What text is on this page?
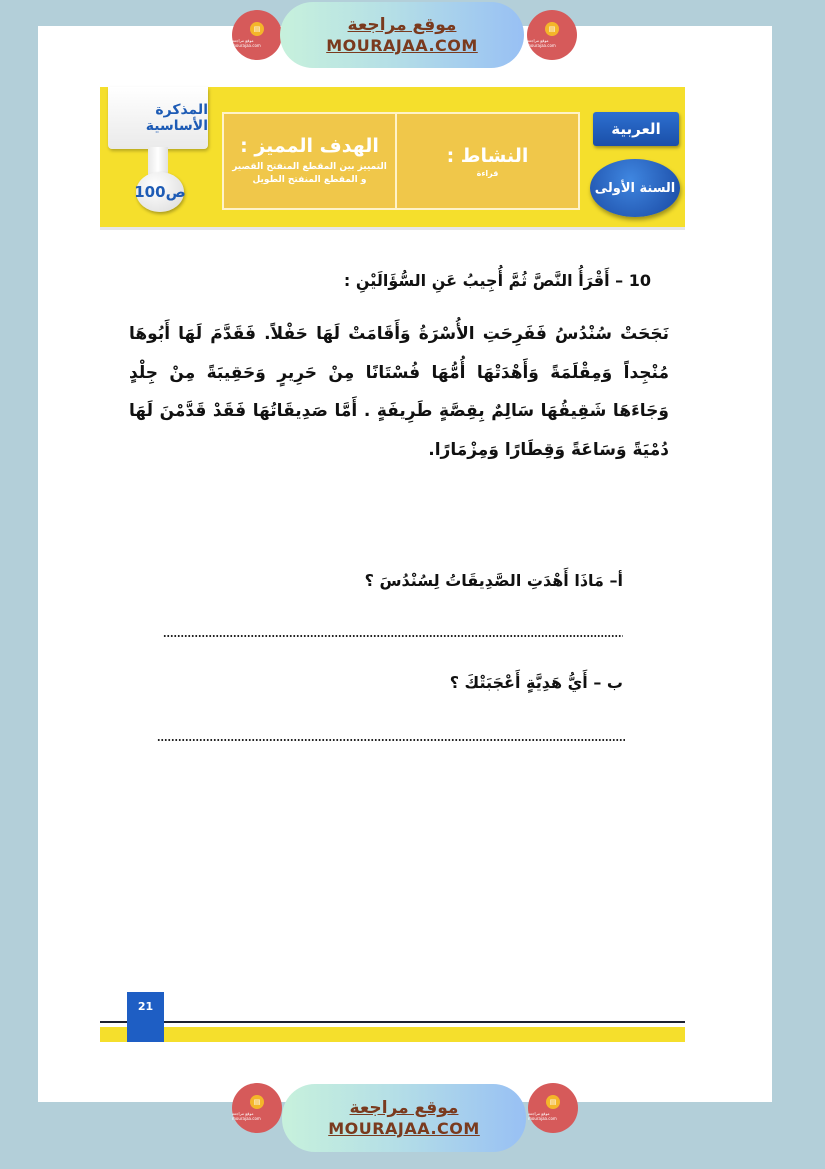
▤
موقع مراجعة mourajaa.com
موقع مراجعة
MOURAJAA.COM
▤
موقع مراجعة mourajaa.com
المذكرة الأساسية
ص100
الهدف المميز :
التمييز بين المقطع المنفتح القصير
و المقطع المنفتح الطويل
النشاط :
قراءة
العربية
السنة الأولى
10 – أَقْرَأُ النَّصَّ ثُمَّ أُجِيبُ عَنِ السُّؤَالَيْنِ :
نَجَحَتْ سُنْدُسُ فَفَرِحَتِ الأُسْرَةُ وَأَقَامَتْ لَهَا حَفْلاً. فَقَدَّمَ لَهَا أَبُوهَا مُنْجِداً وَمِقْلَمَةً وَأَهْدَتْهَا أُمُّهَا فُسْتَانًا مِنْ حَرِيرٍ وَحَقِيبَةً مِنْ جِلْدٍ وَجَاءَهَا شَقِيقُهَا سَالِمٌ بِقِصَّةٍ طَرِيفَةٍ . أَمَّا صَدِيقَاتُهَا فَقَدْ قَدَّمْنَ لَهَا دُمْيَةً وَسَاعَةً وَقِطَارًا وَمِزْمَارًا.
أ– مَاذَا أَهْدَتِ الصَّدِيقَاتُ لِسُنْدُسَ ؟
ب – أَيُّ هَدِيَّةٍ أَعْجَبَتْكَ ؟
21
▤
موقع مراجعة mourajaa.com
موقع مراجعة
MOURAJAA.COM
▤
موقع مراجعة mourajaa.com
